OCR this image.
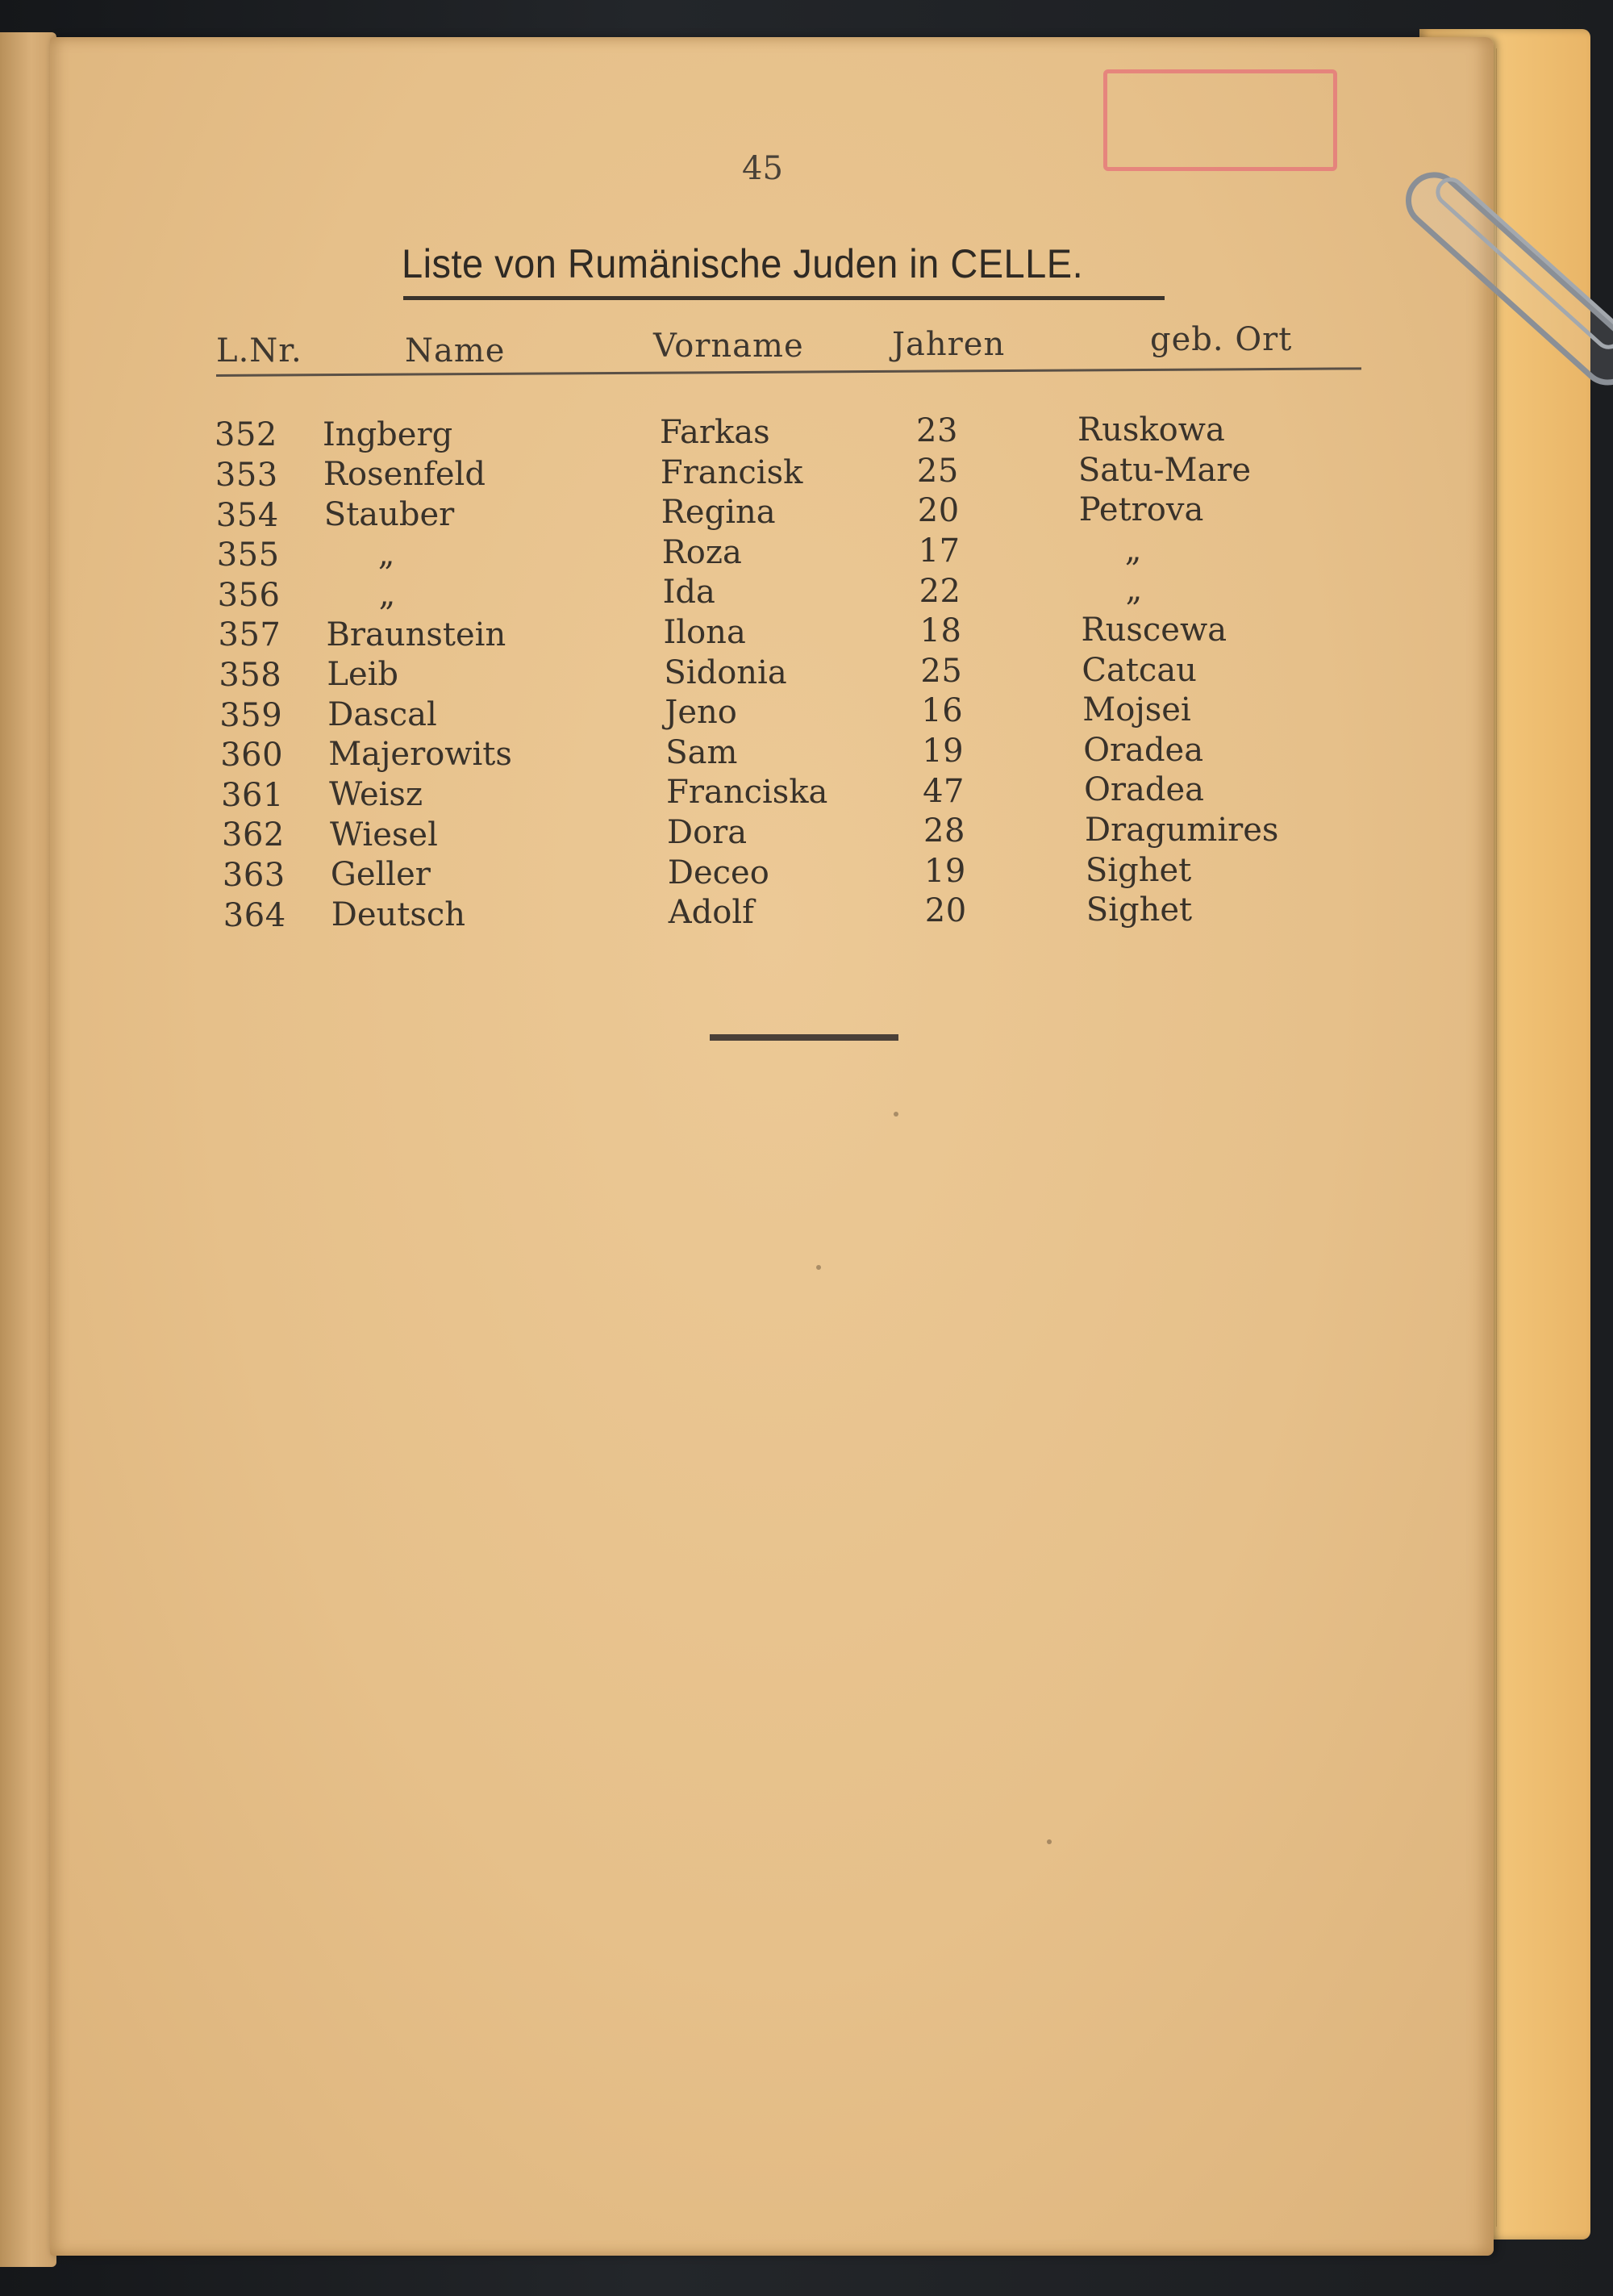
45
Liste von Rumänische Juden in CELLE.
L.Nr.	Name	Vorname	Jahren	geb. Ort
352 Ingberg	Farkas	23	Ruskowa
353 Rosenfeld	Francisk	25	Satu-Mare
354 Stauber	Regina	20	Petrova
355	„	Roza	17	„
356	„	Ida	22	„
357 Braunstein	Ilona	18	Ruscewa
358 Leib	Sidonia	25	Catcau
359 Dascal	Jeno	16	Mojsei
360 Majerowits	Sam	19	Oradea
361 Weisz	Franciska	47	Oradea
362 Wiesel	Dora	28	Dragumires
363 Geller	Deceo	19	Sighet
364 Deutsch	Adolf	20	Sighet
